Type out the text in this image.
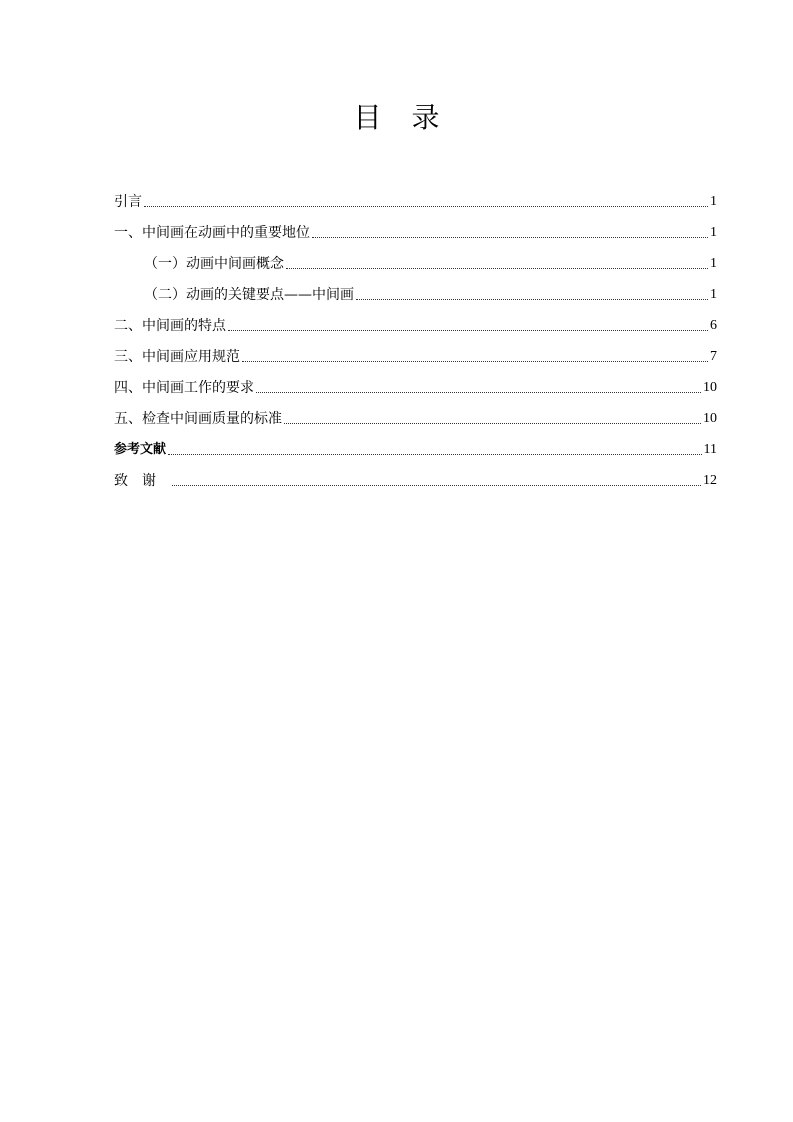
目 录
引言	1
一、中间画在动画中的重要地位	1
（一）动画中间画概念	1
（二）动画的关键要点——中间画	1
二、中间画的特点	6
三、中间画应用规范	7
四、中间画工作的要求	10
五、检查中间画质量的标准	10
参考文献	11
致谢	12
